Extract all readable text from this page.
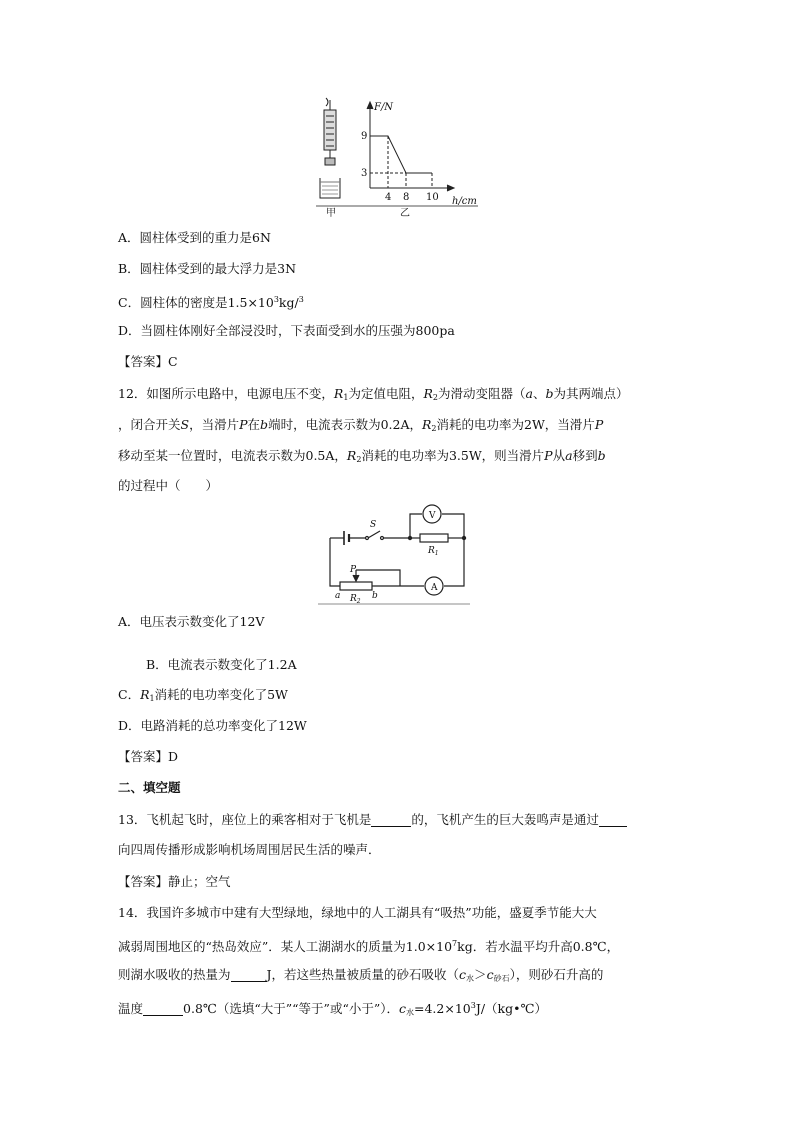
F/N
h/cm
9
3
4 8 10
甲	乙
A．圆柱体受到的重力是6N
B．圆柱体受到的最大浮力是3N
C．圆柱体的密度是$1.5\times 10^3kg/^3$
D．当圆柱体刚好全部浸没时，下表面受到水的压强为800pa
【答案】C
12．如图所示电路中，电源电压不变，$R_1$为定值电阻，$R_2$为滑动变阻器（a、b为其两端点）
，闭合开关S，当滑片P在b端时，电流表示数为0.2A，$R_2$消耗的电功率为2W，当滑片P
移动至某一位置时，电流表示数为0.5A，$R_2$消耗的电功率为3.5W，则当滑片P从a移到b
的过程中（　　）
S
V
A
$R_1$
$R_2$
P
a	b
A．电压表示数变化了12V
B．电流表示数变化了1.2A
C．$R_1$消耗的电功率变化了5W
D．电路消耗的总功率变化了12W
【答案】D
二、填空题
13．飞机起飞时，座位上的乘客相对于飞机是	的，飞机产生的巨大轰鸣声是通过
向四周传播形成影响机场周围居民生活的噪声．
【答案】静止；空气
14．我国许多城市中建有大型绿地，绿地中的人工湖具有“吸热”功能，盛夏季节能大大
减弱周围地区的“热岛效应”．某人工湖湖水的质量为$1.0\times 10^7kg$．若水温平均升高0.8℃，
则湖水吸收的热量为	J，若这些热量被质量的砂石吸收$(c_水>c_{砂石})$，则砂石升高的
温度	0.8℃（选填“大于”“等于”或“小于”）．$c_水=4.2\times 10^3J/(kg•℃)$
